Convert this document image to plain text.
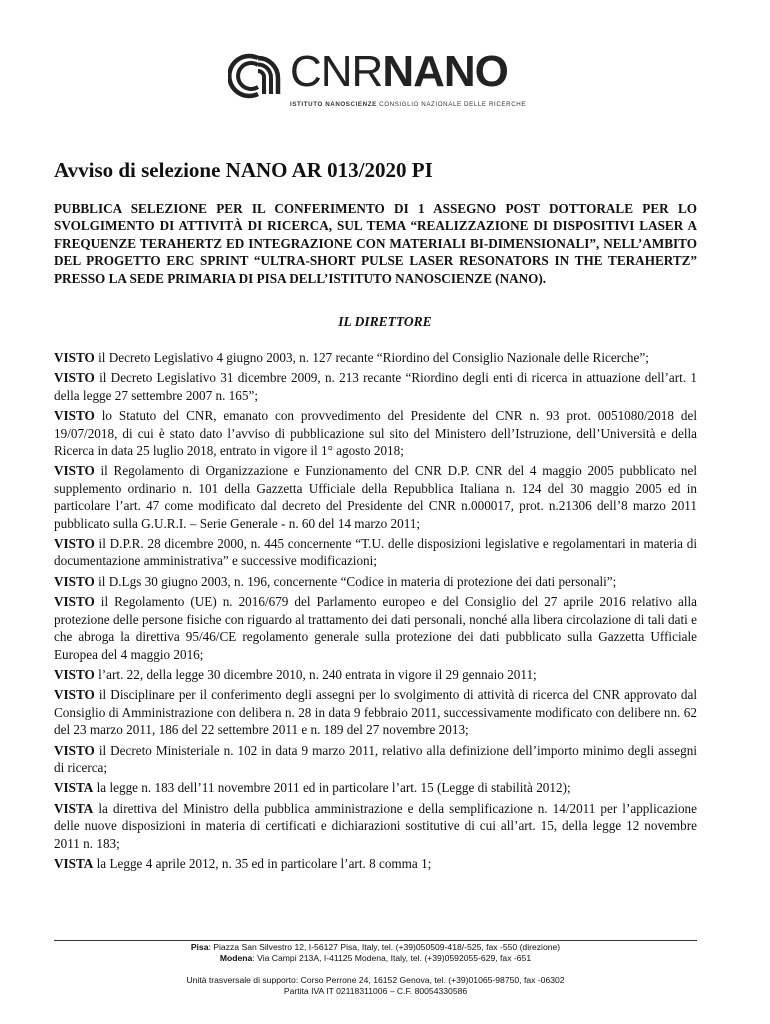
CNRNANO
ISTITUTO NANOSCIENZE CONSIGLIO NAZIONALE DELLE RICERCHE
Avviso di selezione NANO AR 013/2020 PI

PUBBLICA SELEZIONE PER IL CONFERIMENTO DI 1 ASSEGNO POST DOTTORALE PER LO SVOLGIMENTO DI ATTIVITÀ DI RICERCA, SUL TEMA “REALIZZAZIONE DI DISPOSITIVI LASER A FREQUENZE TERAHERTZ ED INTEGRAZIONE CON MATERIALI BI-DIMENSIONALI”, NELL’AMBITO DEL PROGETTO ERC SPRINT “ULTRA-SHORT PULSE LASER RESONATORS IN THE TERAHERTZ” PRESSO LA SEDE PRIMARIA DI PISA DELL’ISTITUTO NANOSCIENZE (NANO).

IL DIRETTORE

VISTO il Decreto Legislativo 4 giugno 2003, n. 127 recante “Riordino del Consiglio Nazionale delle Ricerche”;

VISTO il Decreto Legislativo 31 dicembre 2009, n. 213 recante “Riordino degli enti di ricerca in attuazione dell’art. 1 della legge 27 settembre 2007 n. 165”;

VISTO lo Statuto del CNR, emanato con provvedimento del Presidente del CNR n. 93 prot. 0051080/2018 del 19/07/2018, di cui è stato dato l’avviso di pubblicazione sul sito del Ministero dell’Istruzione, dell’Università e della Ricerca in data 25 luglio 2018, entrato in vigore il 1° agosto 2018;

VISTO il Regolamento di Organizzazione e Funzionamento del CNR D.P. CNR del 4 maggio 2005 pubblicato nel supplemento ordinario n. 101 della Gazzetta Ufficiale della Repubblica Italiana n. 124 del 30 maggio 2005 ed in particolare l’art. 47 come modificato dal decreto del Presidente del CNR n.000017, prot. n.21306 dell’8 marzo 2011 pubblicato sulla G.U.R.I. – Serie Generale - n. 60 del 14 marzo 2011;

VISTO il D.P.R. 28 dicembre 2000, n. 445 concernente “T.U. delle disposizioni legislative e regolamentari in materia di documentazione amministrativa” e successive modificazioni;

VISTO il D.Lgs 30 giugno 2003, n. 196, concernente “Codice in materia di protezione dei dati personali”;

VISTO il Regolamento (UE) n. 2016/679 del Parlamento europeo e del Consiglio del 27 aprile 2016 relativo alla protezione delle persone fisiche con riguardo al trattamento dei dati personali, nonché alla libera circolazione di tali dati e che abroga la direttiva 95/46/CE regolamento generale sulla protezione dei dati pubblicato sulla Gazzetta Ufficiale Europea del 4 maggio 2016;

VISTO l’art. 22, della legge 30 dicembre 2010, n. 240 entrata in vigore il 29 gennaio 2011;

VISTO il Disciplinare per il conferimento degli assegni per lo svolgimento di attività di ricerca del CNR approvato dal Consiglio di Amministrazione con delibera n. 28 in data 9 febbraio 2011, successivamente modificato con delibere nn. 62 del 23 marzo 2011, 186 del 22 settembre 2011 e n. 189 del 27 novembre 2013;

VISTO il Decreto Ministeriale n. 102 in data 9 marzo 2011, relativo alla definizione dell’importo minimo degli assegni di ricerca;

VISTA la legge n. 183 dell’11 novembre 2011 ed in particolare l’art. 15 (Legge di stabilità 2012);

VISTA la direttiva del Ministro della pubblica amministrazione e della semplificazione n. 14/2011 per l’applicazione delle nuove disposizioni in materia di certificati e dichiarazioni sostitutive di cui all’art. 15, della legge 12 novembre 2011 n. 183;

VISTA la Legge 4 aprile 2012, n. 35 ed in particolare l’art. 8 comma 1;

Pisa: Piazza San Silvestro 12, I-56127 Pisa, Italy, tel. (+39)050509-418/-525, fax -550 (direzione)
Modena: Via Campi 213A, I-41125 Modena, Italy, tel. (+39)0592055-629, fax -651
Unità trasversale di supporto: Corso Perrone 24, 16152 Genova, tel. (+39)01065-98750, fax -06302
Partita IVA IT 02118311006 – C.F. 80054330586
